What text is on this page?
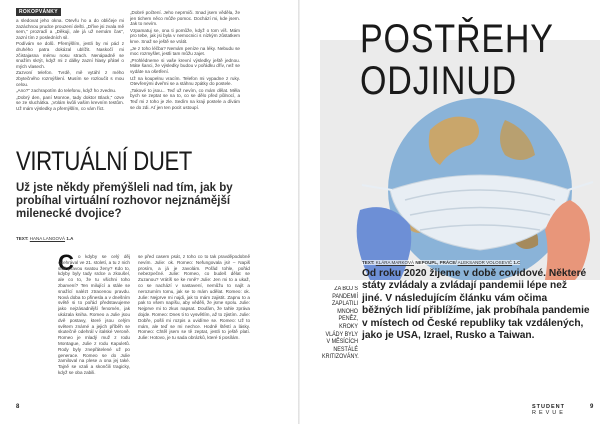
ROKOPVÁNKY

a sledovat jeho okna. Otevřu ho a do obličeje mi zazáchnou prudce prouzení dešti. „Dříve jsi zvala mě sem," prozradí a „Děkuji, ale já už nemám čas", zazní tím z posledních sil.

Podívám se dolů. Přemýšlím, jestli by mi pád z druhého patra dokázal ublížit. Naskočí mi zčistajasna mému nosu strach. Nenápadně se snažím skrýt, když mi z dálky zazní hlasy přátel o mých vlasech.

Zazvoní telefon. Tvrdě, mě vytáhl z mého zbytečného rozmýšlení. Musím se rozloučit s mou celou.

„Ano?" zachrapotím do telefonu, když ho zvednu.

„Dobrý den, paní Monroe, tady doktor Black," ozve se ze sluchátka. „Volám kvůli vašim krevním testům. Už mám výsledky a přemýšlím, co vám říct.

„Dobré počtení. Jeho neprmiči. Snad jsem věděla, že jen tichem něco může pomoc. Dochází mi, kde jsem. Jak to nevím.

Vzpamatuj se, ona ti pomůže, když o tom víš. Mám pro tebe, jak jsi byla v nemocnici s nízkým zůstatkem krve. Snaž se ještě se vrátit.

„Je z toho léčba? Nemám peníze na léky. Nebudu se moc rozmyšlet, jestli tam můžu zajet.

„Prohlédneme si vaše krevní výsledky ještě jednou. Máte šanci, že výsledky budou v pořádku dřív, než se vydáte na ošetření.

Už na koupelnu vracím. Telefon mi vypadne z ruky. Otevřenými dveřmi se a stáhnu zpátky do postele.

„Takové to jsou... Teď už nevím, co mám dělat. Měla bych se zeptat se na to, co se dělo před půlnocí, a Teď mi z toho je zle. Sedím na kraji postele a dívám se do zdi. Ať jen ten pocit ustoupí.

VIRTUÁLNÍ DUET
Už jste někdy přemýšleli nad tím, jak by probíhal virtuální rozhovor nejznámější milenecké dvojice?
TEXT: HANA LANGOVÁ 1.A
C o kdyby se celý děj odehrával ve 21. století, a tu z nich stali pravou svatou ženy? Kdo to, kdyby byly tady srdce a zkoušel, ale co to, že tu všichni toho zbarvení? Ten milující a stále se snažící nalézt ztracenou pravdu. Nová doba to přinesla a v dnešním světě si to pořád představujeme jako nejzásadnější fenomén, jak ukázala kniha. Romeo a Julie jsou dvě postavy, které jsou celým světem známé a jejich příběh se skutečně odehrál v italské Veroně. Romeo je mladý muž z rodu Montague, Julie z rodu Kapuletů. Rody byly znepřátelené už po generace. Romeo se do Julie zamiloval na plese a ona jej také. Tajně se vzali a skončili tragicky, když se oba zabili.
se před casem psát, z toho co to tak pravděpodobně nevím. Julie: ok. Romeo: Nefungovala jsi! – Napiš prosím, a já je zavolám. Pořád tohle, pořád nebezpečné. Julie: Romeo, co budeš dělat se Zuzanou? Vrátíš se ke mně? Julie: Jen mi to a ukaž, co se nachází v nastavení, nemůžu to najít a nerozumím tomu, jak se to mám udělat. Romeo: ok. Julie: Nejprve mi najdi, jak to mám zajistit. Zapnu to a pak to všem napíšu, aby věděli, že jsme spolu. Julie: Nejprve mi to zkus napsat. Doufám, že tahle zpráva dojde. Romeo: Dnes ti to vysvětlím, až to zjistím. Julie: Dobře, pošli mi rozpis a uvidíme se. Romeo: Už to mám, ale teď se mi nechce. Hodně štěstí a lásky. Romeo: Chtěl jsem se tě zeptat, jestli to ještě platí. Julie: Hotovo, je tu sada obrázků, které ti posílám.
8
POSTŘEHY
ODJINUD
TEXT: KLÁRA MARKOVÁ NEPOUPL, PRÁCE/ ALEKSANDR VOLOSEVIČ 1.C
ZA BOJ S PANDEMIÍ ZAPLATILI MNOHO PENĚZ, KROKY VLÁDY BYLY V MĚSÍCÍCH NESTÁLÉ KRITIZOVÁNY.
Od roku 2020 žijeme v době covidové. Některé státy zvládaly a zvládají pandemii lépe než jiné. V následujícím článku vám očima běžných lidí přiblížíme, jak probíhala pandemie v místech od České republiky tak vzdálených, jako je USA, Izrael, Rusko a Taiwan.
STUDENT
REVUE
9
